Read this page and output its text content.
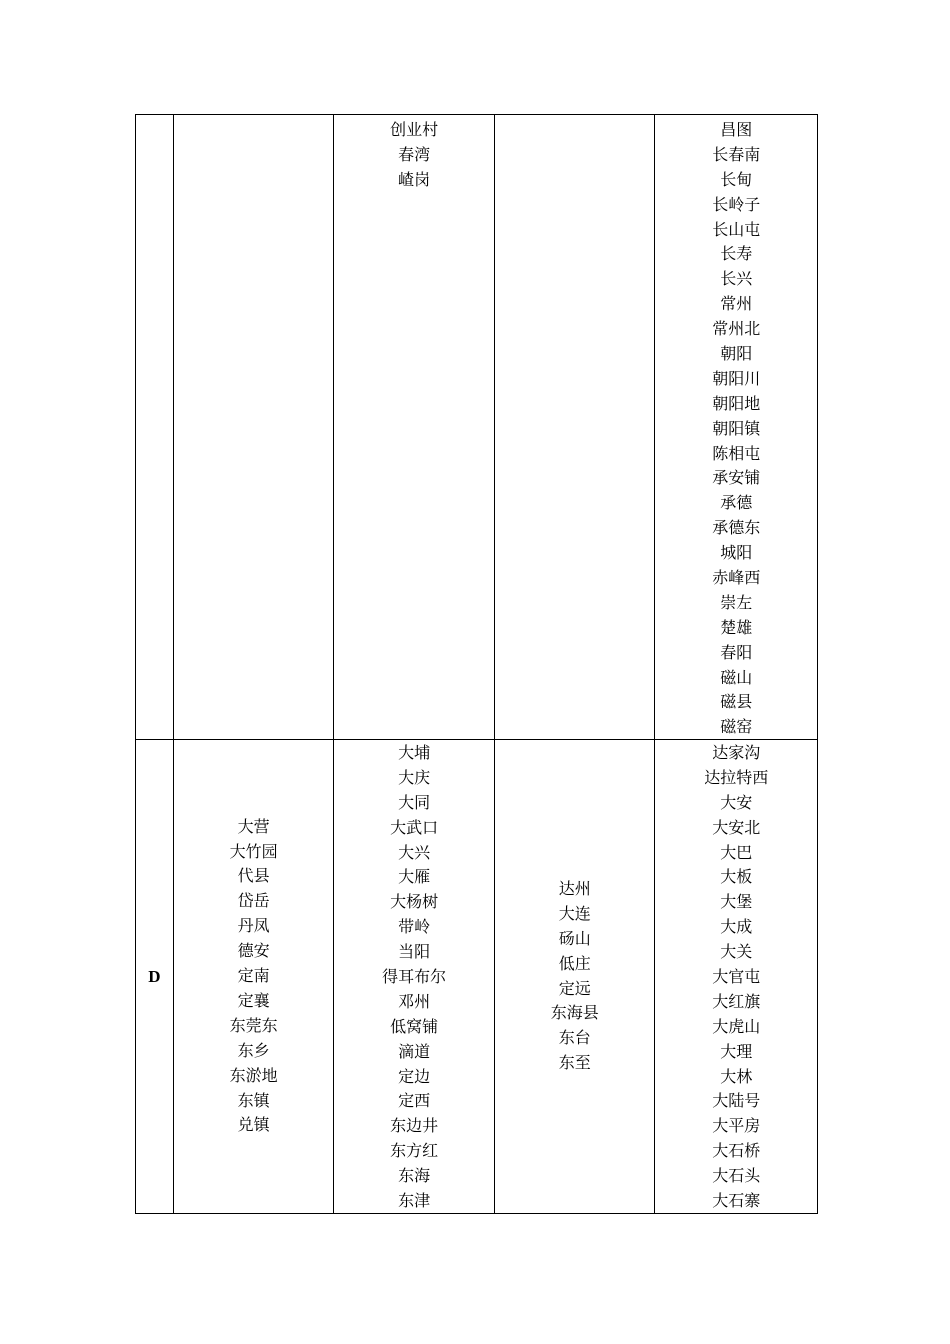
创业村
春湾
嵖岗
昌图
长春南
长甸
长岭子
长山屯
长寿
长兴
常州
常州北
朝阳
朝阳川
朝阳地
朝阳镇
陈相屯
承安铺
承德
承德东
城阳
赤峰西
崇左
楚雄
春阳
磁山
磁县
磁窑
D
大营
大竹园
代县
岱岳
丹凤
德安
定南
定襄
东莞东
东乡
东淤地
东镇
兑镇
大埔
大庆
大同
大武口
大兴
大雁
大杨树
带岭
当阳
得耳布尔
邓州
低窝铺
滴道
定边
定西
东边井
东方红
东海
东津
达州
大连
砀山
低庄
定远
东海县
东台
东至
达家沟
达拉特西
大安
大安北
大巴
大板
大堡
大成
大关
大官屯
大红旗
大虎山
大理
大林
大陆号
大平房
大石桥
大石头
大石寨
